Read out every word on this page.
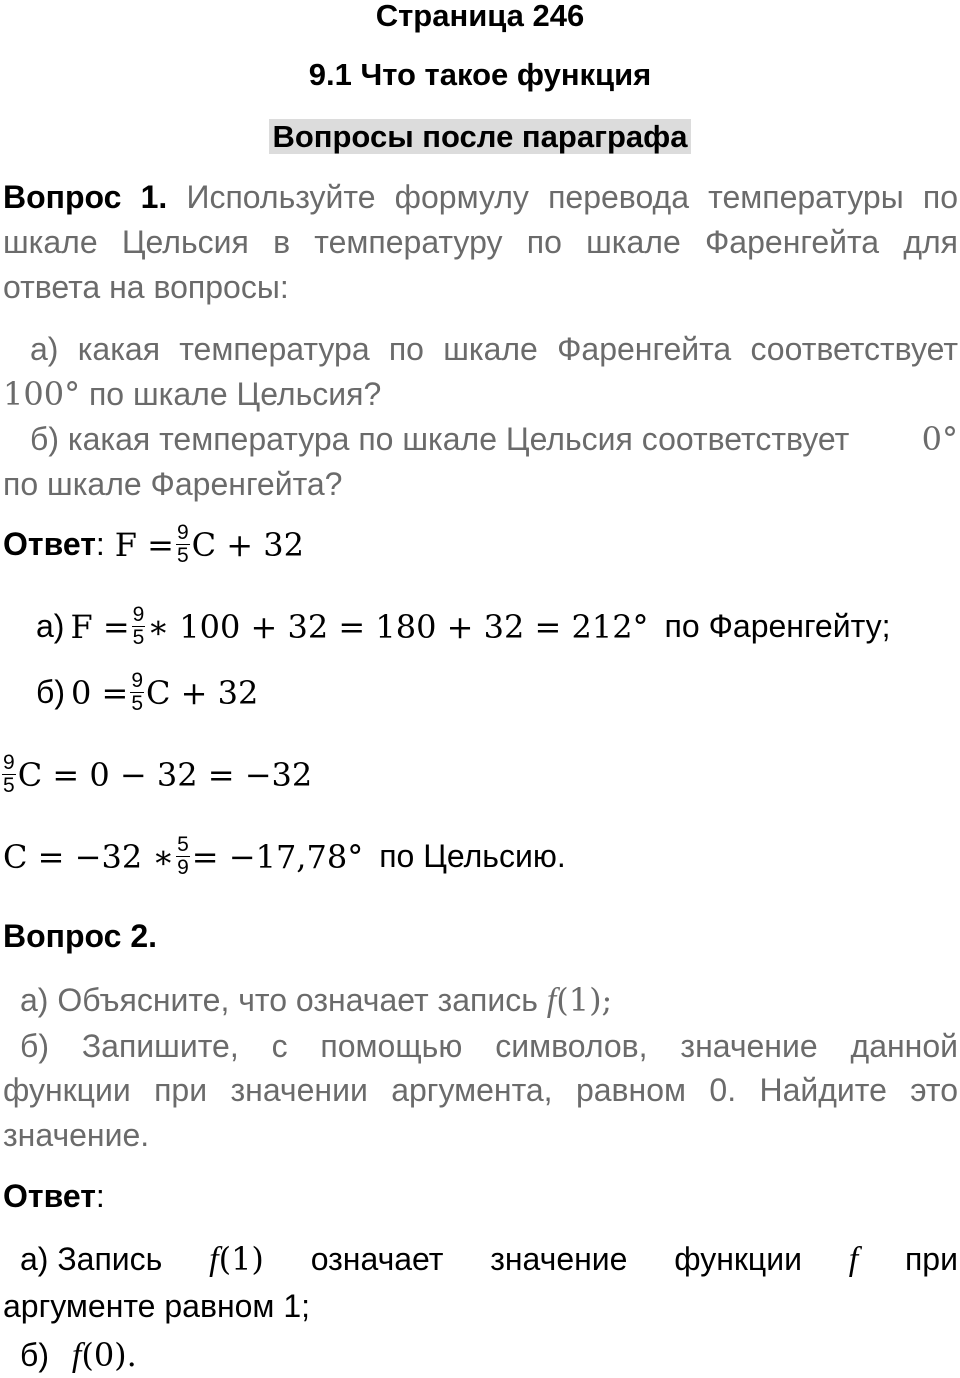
Страница 246
9.1 Что такое функция
Вопросы после параграфа
Вопрос 1. Используйте формулу перевода температуры по
шкале Цельсия в температуру по шкале Фаренгейта для
ответа на вопросы:
а) какая температура по шкале Фаренгейта соответствует
100° по шкале Цельсия?
б) какая температура по шкале Цельсия соответствует 0°
по шкале Фаренгейта?
Ответ : $F = \frac{9}{5}$ C + 32
а) $F = \frac{9}{5}$ ∗ 100 + 32 = 180 + 32 = 212° по Фаренгейту;
б) $0 = \frac{9}{5}$ C + 32
$\frac{9}{5}$ C = 0 − 32 = −32
C = −32 ∗ $\frac{5}{9} = -17,78^\circ$ по Цельсию.
Вопрос 2.
а) Объясните, что означает запись f(1);
б) Запишите, с помощью символов, значение данной
функции при значении аргумента, равном 0. Найдите это
значение.
Ответ:
а) Запись f(1) означает значение функции f при
аргументе равном 1;
б) f(0).
